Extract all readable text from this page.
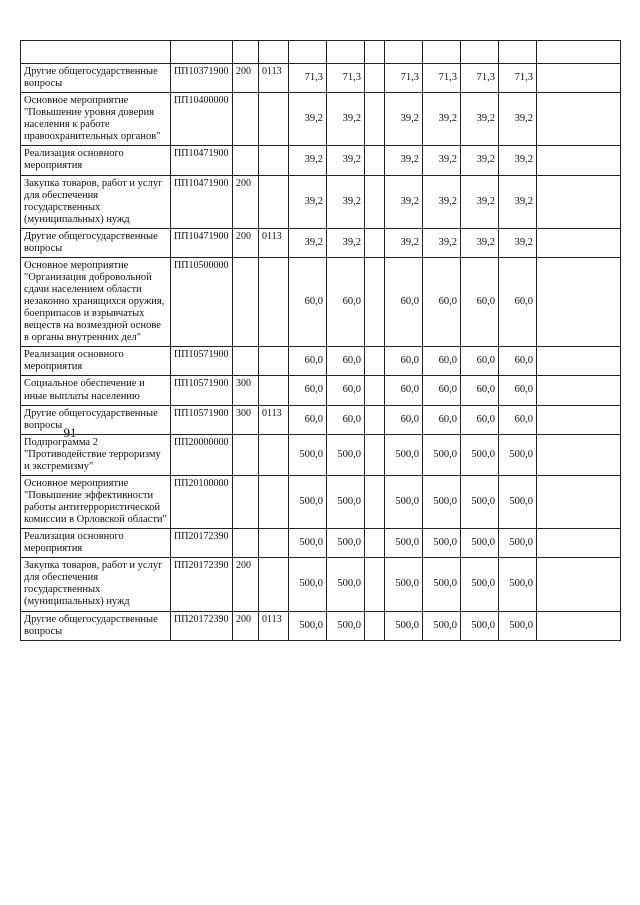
91

Другие общегосударственные вопросы	ПП10371900	200	0113	71,3	71,3		71,3	71,3	71,3	71,3	
Основное мероприятие "Повышение уровня доверия населения к работе правоохранительных органов"	ПП10400000			39,2	39,2		39,2	39,2	39,2	39,2	
Реализация основного мероприятия	ПП10471900			39,2	39,2		39,2	39,2	39,2	39,2	
Закупка товаров, работ и услуг для обеспечения государственных (муниципальных) нужд	ПП10471900	200		39,2	39,2		39,2	39,2	39,2	39,2	
Другие общегосударственные вопросы	ПП10471900	200	0113	39,2	39,2		39,2	39,2	39,2	39,2	
Основное мероприятие "Организация добровольной сдачи населением области незаконно хранящихся оружия, боеприпасов и взрывчатых веществ на возмездной основе в органы внутренних дел"	ПП10500000			60,0	60,0		60,0	60,0	60,0	60,0	
Реализация основного мероприятия	ПП10571900			60,0	60,0		60,0	60,0	60,0	60,0	
Социальное обеспечение и иные выплаты населению	ПП10571900	300		60,0	60,0		60,0	60,0	60,0	60,0	
Другие общегосударственные вопросы	ПП10571900	300	0113	60,0	60,0		60,0	60,0	60,0	60,0	
Подпрограмма 2 "Противодействие терроризму и экстремизму"	ПП20000000			500,0	500,0		500,0	500,0	500,0	500,0	
Основное мероприятие "Повышение эффективности работы антитеррористической комиссии в Орловской области"	ПП20100000			500,0	500,0		500,0	500,0	500,0	500,0	
Реализация основного мероприятия	ПП20172390			500,0	500,0		500,0	500,0	500,0	500,0	
Закупка товаров, работ и услуг для обеспечения государственных (муниципальных) нужд	ПП20172390	200		500,0	500,0		500,0	500,0	500,0	500,0	
Другие общегосударственные вопросы	ПП20172390	200	0113	500,0	500,0		500,0	500,0	500,0	500,0	
